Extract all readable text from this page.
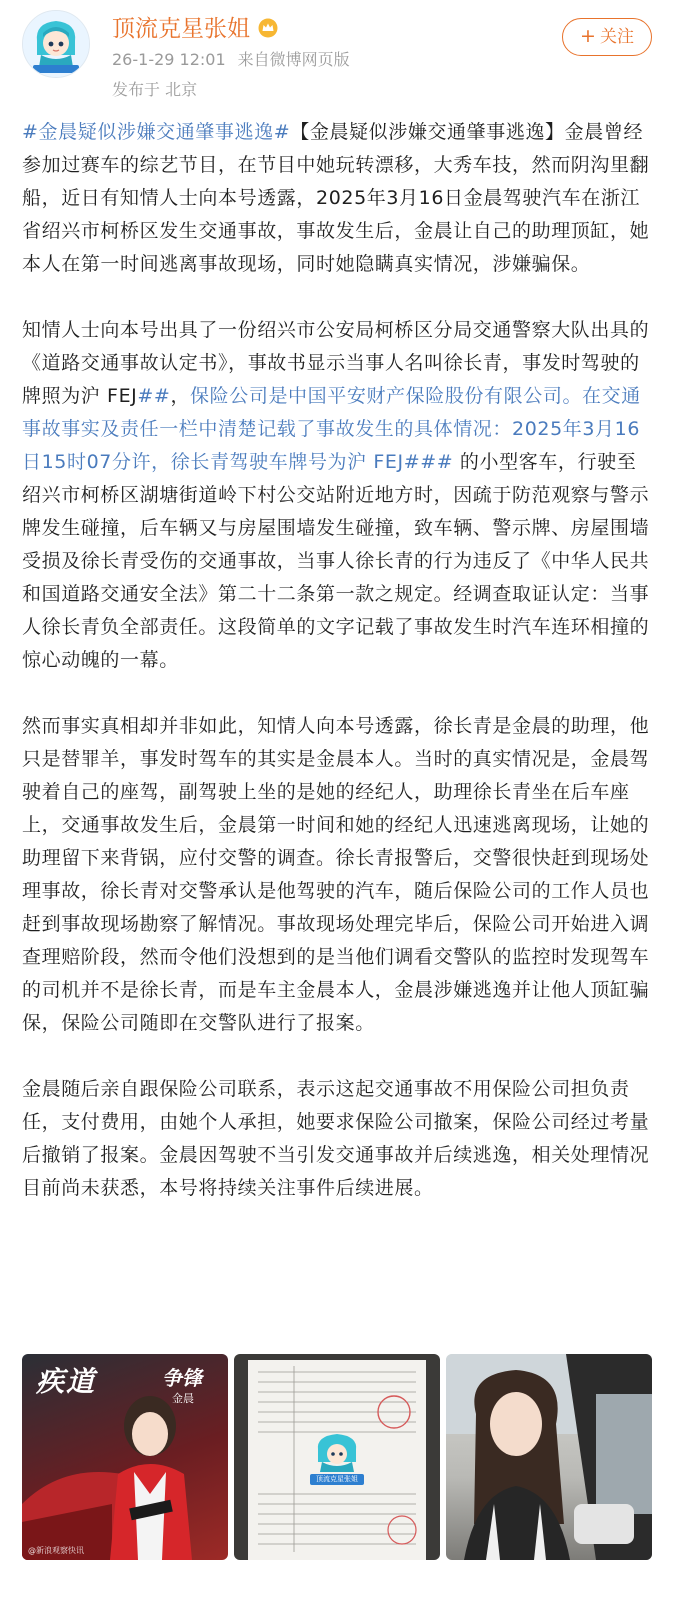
顶流克星张姐
26-1-29 12:01 来自微博网页版
发布于 北京
+ 关注

#金晨疑似涉嫌交通肇事逃逸#【金晨疑似涉嫌交通肇事逃逸】金晨曾经参加过赛车的综艺节目，在节目中她玩转漂移，大秀车技，然而阴沟里翻船，近日有知情人士向本号透露，2025年3月16日金晨驾驶汽车在浙江省绍兴市柯桥区发生交通事故，事故发生后，金晨让自己的助理顶缸，她本人在第一时间逃离事故现场，同时她隐瞒真实情况，涉嫌骗保。

知情人士向本号出具了一份绍兴市公安局柯桥区分局交通警察大队出具的《道路交通事故认定书》，事故书显示当事人名叫徐长青，事发时驾驶的牌照为沪 FEJ##，保险公司是中国平安财产保险股份有限公司。在交通事故事实及责任一栏中清楚记载了事故发生的具体情况：2025年3月16日15时07分许，徐长青驾驶车牌号为沪 FEJ### 的小型客车，行驶至绍兴市柯桥区湖塘街道岭下村公交站附近地方时，因疏于防范观察与警示牌发生碰撞，后车辆又与房屋围墙发生碰撞，致车辆、警示牌、房屋围墙受损及徐长青受伤的交通事故，当事人徐长青的行为违反了《中华人民共和国道路交通安全法》第二十二条第一款之规定。经调查取证认定：当事人徐长青负全部责任。这段简单的文字记载了事故发生时汽车连环相撞的惊心动魄的一幕。

然而事实真相却并非如此，知情人向本号透露，徐长青是金晨的助理，他只是替罪羊，事发时驾车的其实是金晨本人。当时的真实情况是，金晨驾驶着自己的座驾，副驾驶上坐的是她的经纪人，助理徐长青坐在后车座上，交通事故发生后，金晨第一时间和她的经纪人迅速逃离现场，让她的助理留下来背锅，应付交警的调查。徐长青报警后，交警很快赶到现场处理事故，徐长青对交警承认是他驾驶的汽车，随后保险公司的工作人员也赶到事故现场勘察了解情况。事故现场处理完毕后，保险公司开始进入调查理赔阶段，然而令他们没想到的是当他们调看交警队的监控时发现驾车的司机并不是徐长青，而是车主金晨本人，金晨涉嫌逃逸并让他人顶缸骗保，保险公司随即在交警队进行了报案。

金晨随后亲自跟保险公司联系，表示这起交通事故不用保险公司担负责任，支付费用，由她个人承担，她要求保险公司撤案，保险公司经过考量后撤销了报案。金晨因驾驶不当引发交通事故并后续逃逸，相关处理情况目前尚未获悉，本号将持续关注事件后续进展。

疾道	争锋
金晨
@新浪观察快讯
顶流克星张姐
